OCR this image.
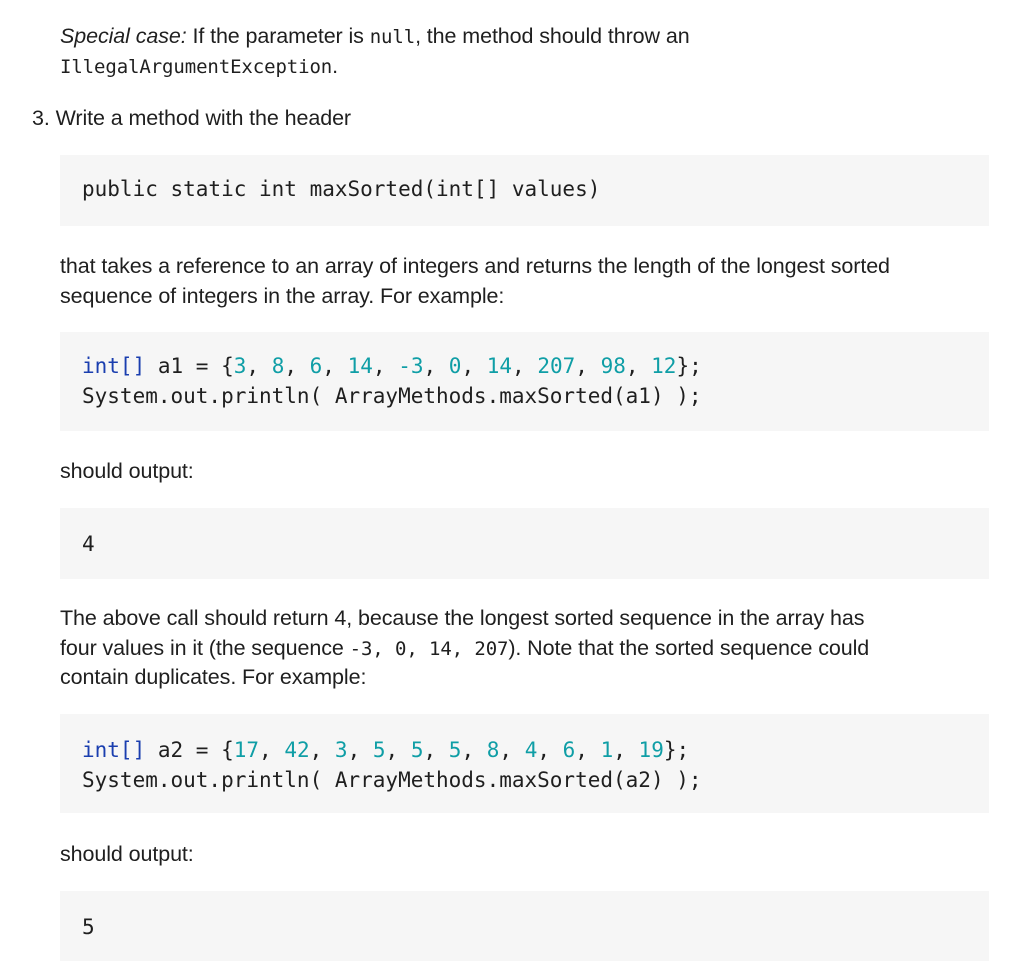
Special case: If the parameter is null, the method should throw an
IllegalArgumentException.
3. Write a method with the header
public static int maxSorted(int[] values)
that takes a reference to an array of integers and returns the length of the longest sorted
sequence of integers in the array. For example:
int[] a1 = {3, 8, 6, 14, -3, 0, 14, 207, 98, 12};
System.out.println( ArrayMethods.maxSorted(a1) );
should output:
4
The above call should return 4, because the longest sorted sequence in the array has
four values in it (the sequence -3, 0, 14, 207). Note that the sorted sequence could
contain duplicates. For example:
int[] a2 = {17, 42, 3, 5, 5, 5, 8, 4, 6, 1, 19};
System.out.println( ArrayMethods.maxSorted(a2) );
should output:
5
